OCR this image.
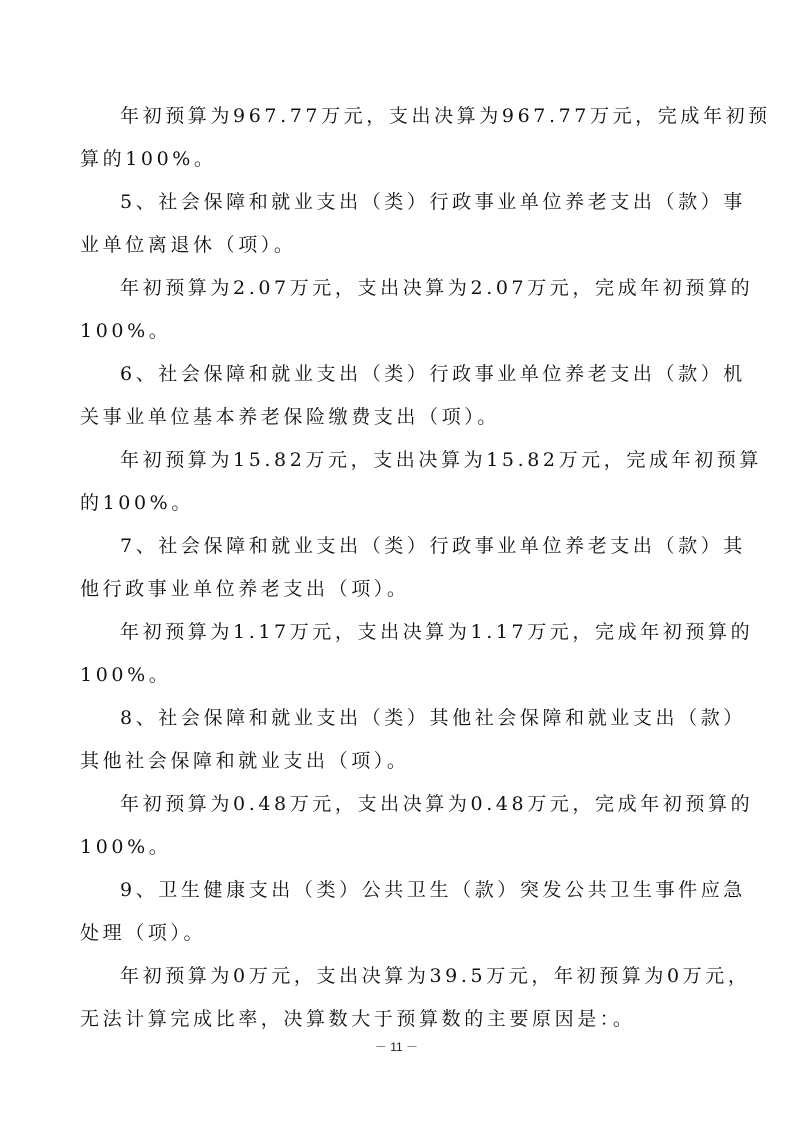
年初预算为967.77万元，支出决算为967.77万元，完成年初预
算的100%。
5、社会保障和就业支出（类）行政事业单位养老支出（款）事
业单位离退休（项）。
年初预算为2.07万元，支出决算为2.07万元，完成年初预算的
100%。
6、社会保障和就业支出（类）行政事业单位养老支出（款）机
关事业单位基本养老保险缴费支出（项）。
年初预算为15.82万元，支出决算为15.82万元，完成年初预算
的100%。
7、社会保障和就业支出（类）行政事业单位养老支出（款）其
他行政事业单位养老支出（项）。
年初预算为1.17万元，支出决算为1.17万元，完成年初预算的
100%。
8、社会保障和就业支出（类）其他社会保障和就业支出（款）
其他社会保障和就业支出（项）。
年初预算为0.48万元，支出决算为0.48万元，完成年初预算的
100%。
9、卫生健康支出（类）公共卫生（款）突发公共卫生事件应急
处理（项）。
年初预算为0万元，支出决算为39.5万元，年初预算为0万元，
无法计算完成比率，决算数大于预算数的主要原因是：。
－ 11 －
